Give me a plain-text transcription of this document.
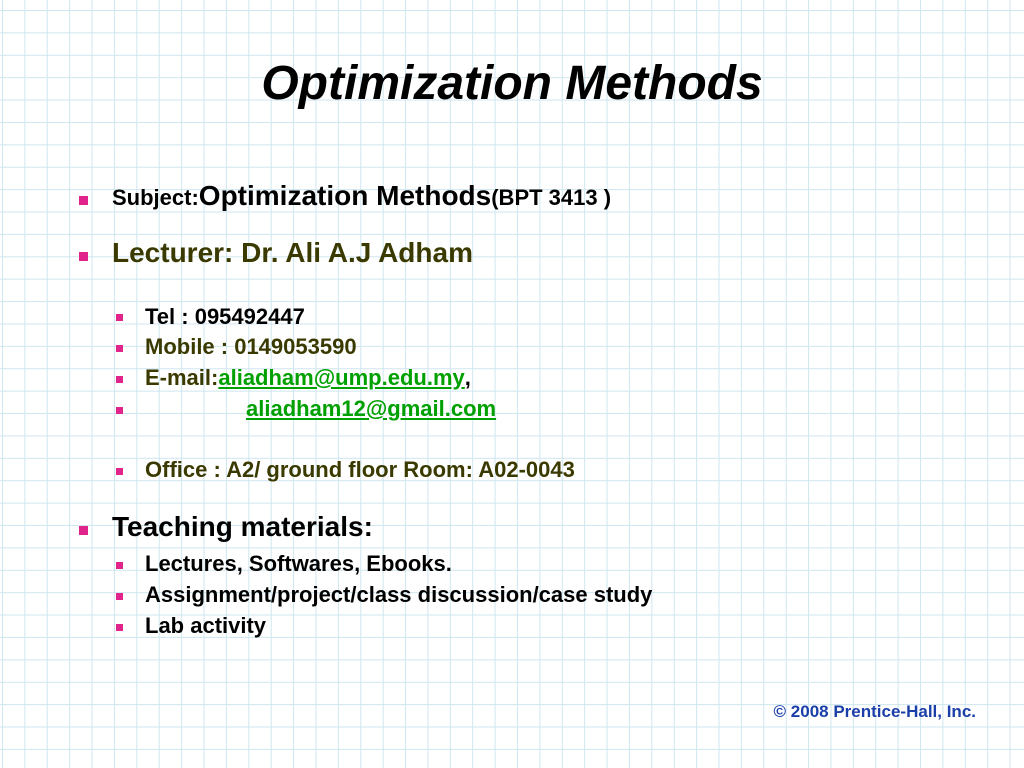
Optimization Methods
Subject: Optimization Methods (BPT 3413 )
Lecturer: Dr. Ali A.J Adham
Tel : 095492447
Mobile : 0149053590
E-mail: aliadham@ump.edu.my ,
aliadham12@gmail.com
Office : A2/ ground floor Room: A02-0043
Teaching materials:
Lectures, Softwares, Ebooks.
Assignment/project/class discussion/case study
Lab activity
© 2008 Prentice-Hall, Inc.
